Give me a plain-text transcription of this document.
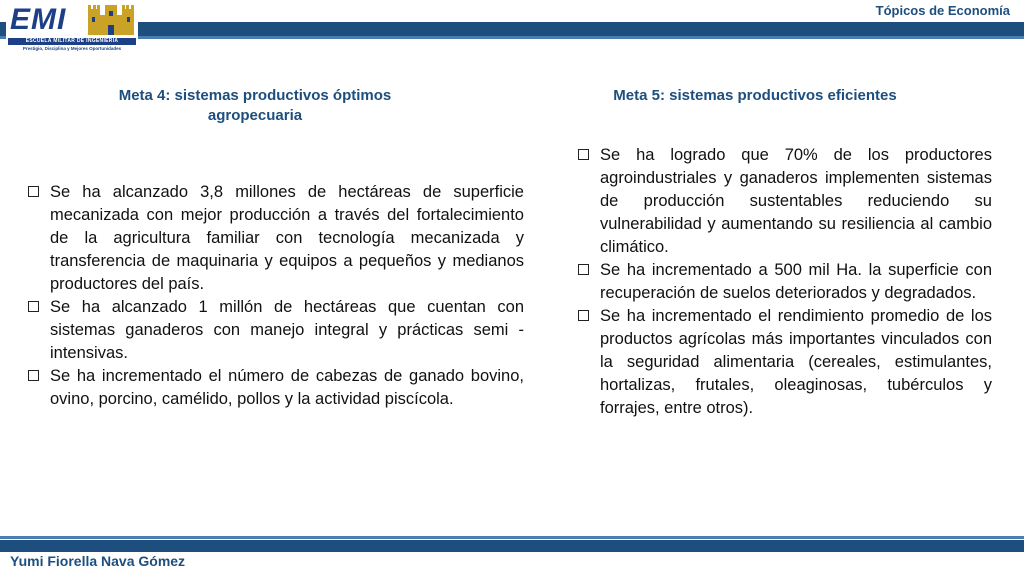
Tópicos de Economía
EMI
ESCUELA MILITAR DE INGENIERIA
Prestigio, Disciplina y Mejores Oportunidades
Meta 4: sistemas productivos óptimos agropecuaria
Meta 5: sistemas productivos eficientes
Se ha alcanzado 3,8 millones de hectáreas de superficie mecanizada con mejor producción a través del fortalecimiento de la agricultura familiar con tecnología mecanizada y transferencia de maquinaria y equipos a pequeños y medianos productores del país.
Se ha alcanzado 1 millón de hectáreas que cuentan con sistemas ganaderos con manejo integral y prácticas semi - intensivas.
Se ha incrementado el número de cabezas de ganado bovino, ovino, porcino, camélido, pollos y la actividad piscícola.
Se ha logrado que 70% de los productores agroindustriales y ganaderos implementen sistemas de producción sustentables reduciendo su vulnerabilidad y aumentando su resiliencia al cambio climático.
Se ha incrementado a 500 mil Ha. la superficie con recuperación de suelos deteriorados y degradados.
Se ha incrementado el rendimiento promedio de los productos agrícolas más importantes vinculados con la seguridad alimentaria (cereales, estimulantes, hortalizas, frutales, oleaginosas, tubérculos y forrajes, entre otros).
Yumi Fiorella Nava Gómez
